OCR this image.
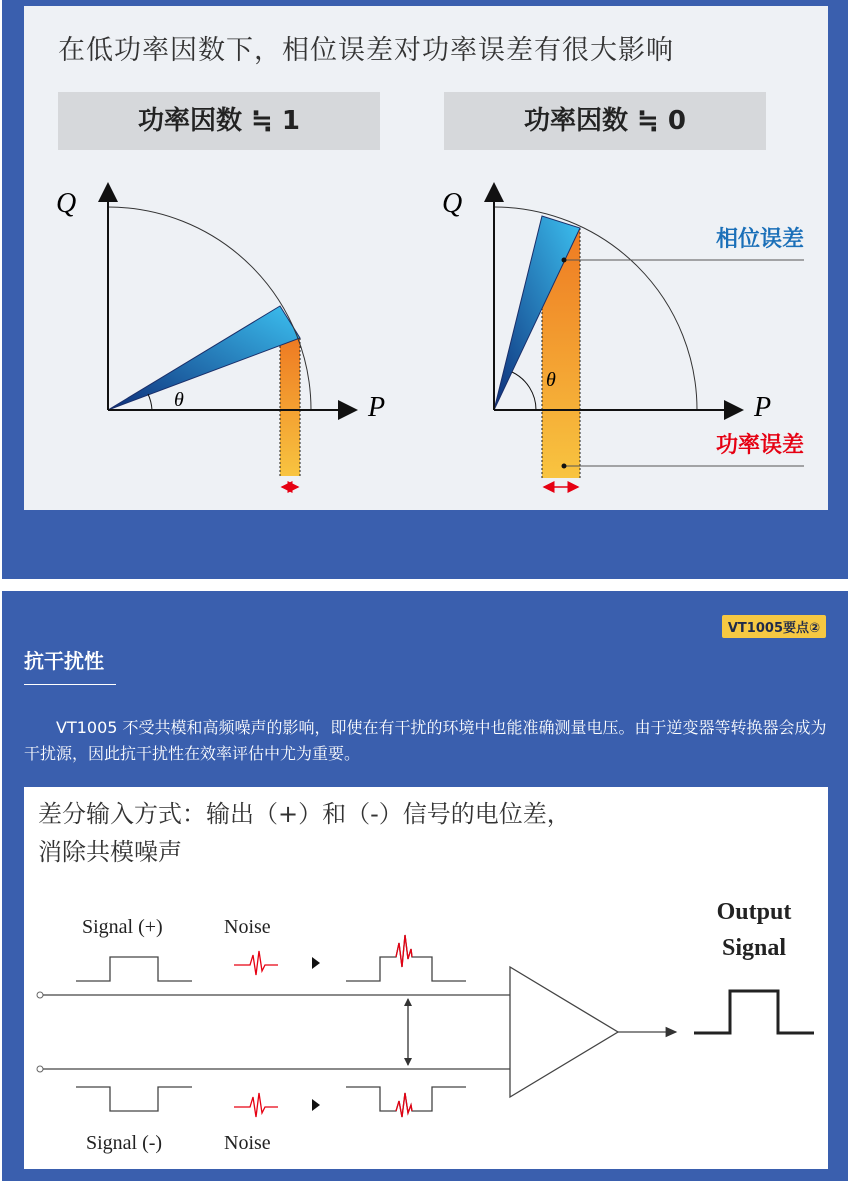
在低功率因数下，相位误差对功率误差有很大影响
功率因数 ≒ 1	功率因数 ≒ 0
Q
P
θ
Q
P
θ
相位误差
功率误差
VT1005要点②
抗干扰性
　　VT1005 不受共模和高频噪声的影响，即使在有干扰的环境中也能准确测量电压。由于逆变器等转换器会成为干扰源，因此抗干扰性在效率评估中尤为重要。
差分输入方式：输出（+）和（-）信号的电位差，
消除共模噪声
Signal (+)	Noise
Signal (-)	Noise
Output
Signal
